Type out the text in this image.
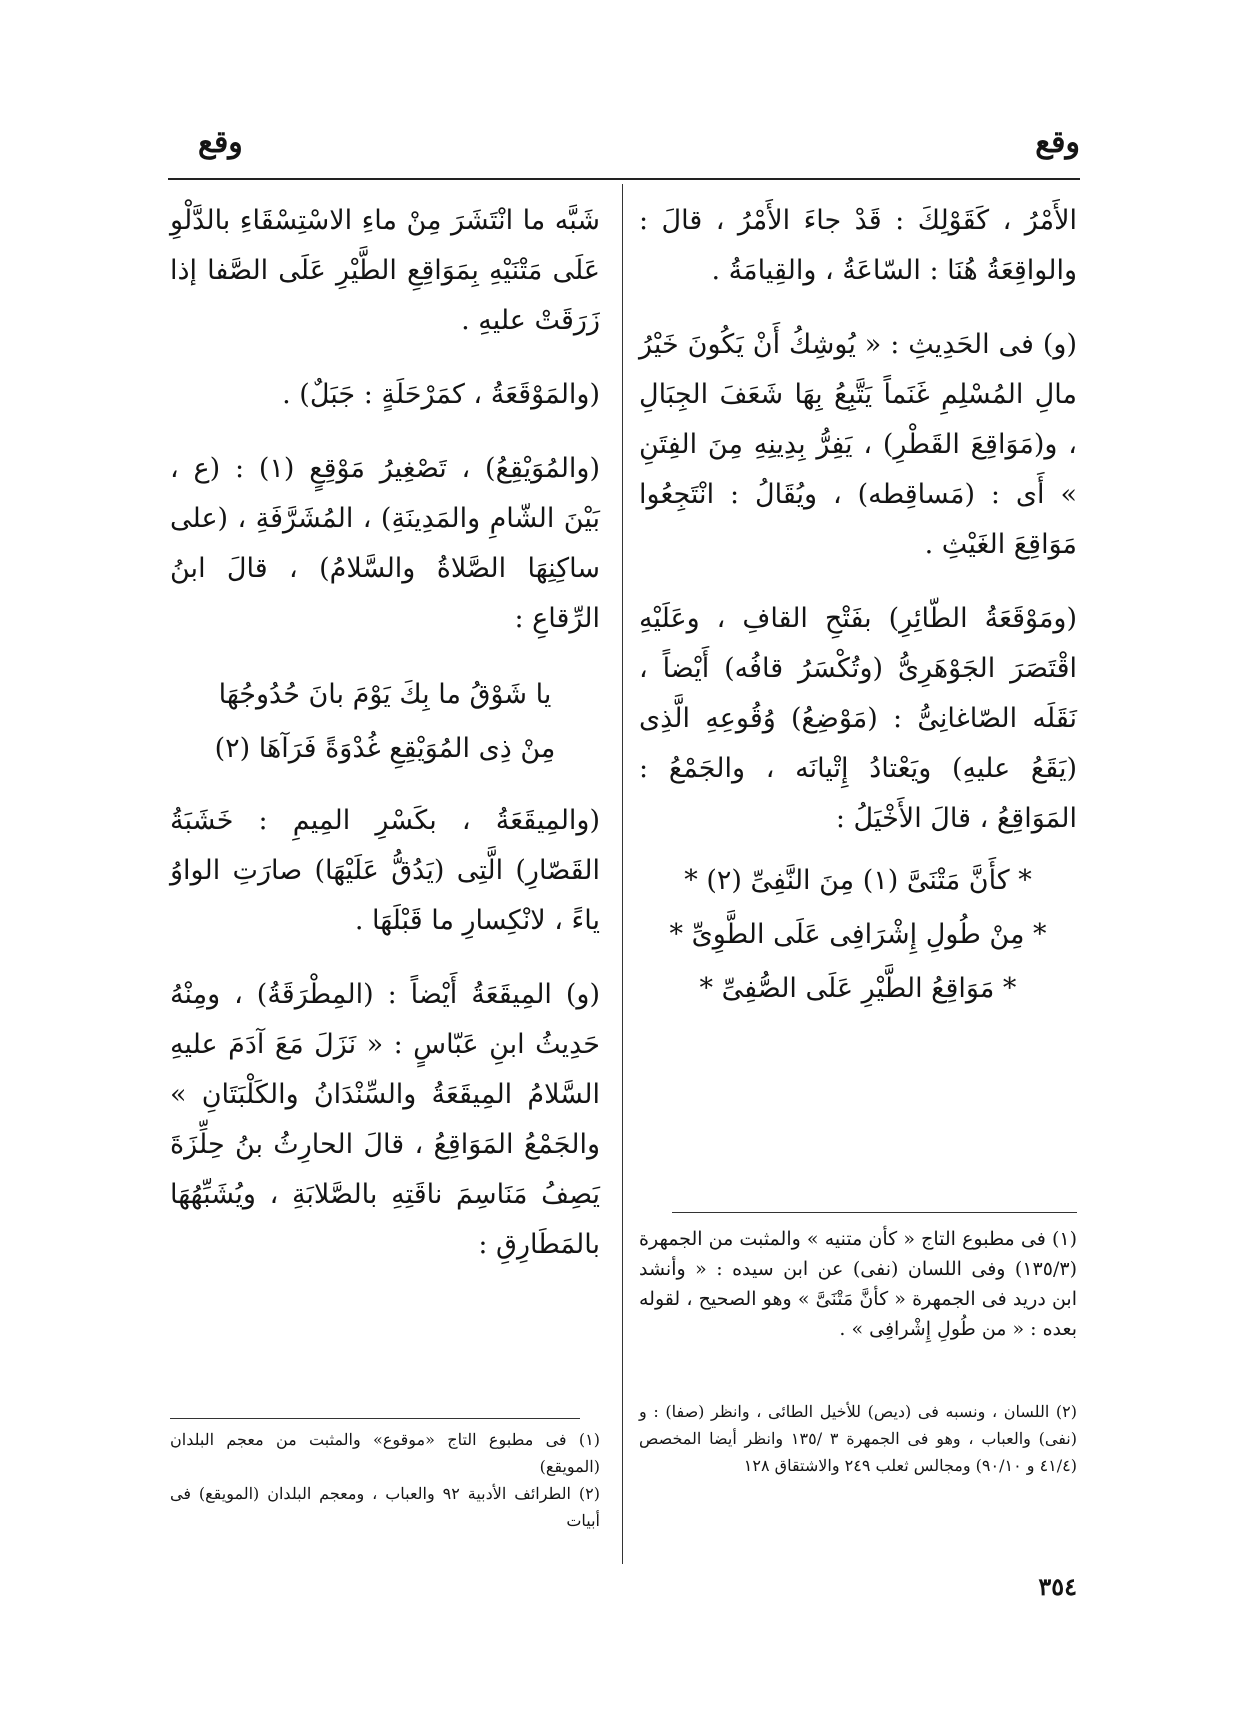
وقع
وقع

الأَمْرُ ، كَقَوْلِكَ : قَدْ جاءَ الأَمْرُ ، قالَ : والواقِعَةُ هُنَا : السّاعَةُ ، والقِيامَةُ .

(و) فى الحَدِيثِ : « يُوشِكُ أَنْ يَكُونَ خَيْرُ مالِ المُسْلِمِ غَنَماً يَتَّبِعُ بِهَا شَعَفَ الجِبَالِ ، و(مَوَاقِعَ القَطْرِ) ، يَفِرُّ بِدِينِهِ مِنَ الفِتَنِ » أَى : (مَساقِطه) ، ويُقَالُ : انْتَجِعُوا مَوَاقِعَ الغَيْثِ .

(ومَوْقَعَةُ الطّائِرِ) بفَتْحِ القافِ ، وعَلَيْهِ اقْتَصَرَ الجَوْهَرِىُّ (وتُكْسَرُ قافُه) أَيْضاً ، نَقَلَه الصّاغانِىُّ : (مَوْضِعُ) وُقُوعِهِ الَّذِى (يَقَعُ عليهِ) ويَعْتادُ إِتْيانَه ، والجَمْعُ : المَوَاقِعُ ، قالَ الأَخْيَلُ :

* كأَنَّ مَتْنَىَّ (١) مِنَ النَّفِىِّ (٢) *

* مِنْ طُولِ إِشْرَافِى عَلَى الطَّوِىِّ *

* مَوَاقِعُ الطَّيْرِ عَلَى الصُّفِىِّ *

(١) فى مطبوع التاج « كأن متنيه » والمثبت من الجمهرة (١٣٥/٣) وفى اللسان (نفى) عن ابن سيده : « وأنشد ابن دريد فى الجمهرة « كأنَّ مَتْنَىَّ » وهو الصحيح ، لقوله بعده : « من طُولِ إِشْرافِى » .

(٢) اللسان ، ونسبه فى (ديص) للأخيل الطائى ، وانظر (صفا) : و (نفى) والعباب ، وهو فى الجمهرة ٣ /١٣٥ وانظر أيضا المخصص (٤١/٤ و ٩٠/١٠) ومجالس ثعلب ٢٤٩ والاشتقاق ١٢٨

شَبَّه ما انْتَشَرَ مِنْ ماءِ الاسْتِسْقَاءِ بالدَّلْوِ عَلَى مَتْنَيْهِ بِمَوَاقِعِ الطَّيْرِ عَلَى الصَّفا إذا زَرَقَتْ عليهِ .

(والمَوْقَعَةُ ، كمَرْحَلَةٍ : جَبَلٌ) .

(والمُوَيْقِعُ) ، تَصْغِيرُ مَوْقِعٍ (١) : (ع ، بَيْنَ الشّامِ والمَدِينَةِ) ، المُشَرَّفَةِ ، (على ساكِنِهَا الصَّلاةُ والسَّلامُ) ، قالَ ابنُ الرِّقاعِ :

يا شَوْقُ ما بِكَ يَوْمَ بانَ حُدُوجُهَا

مِنْ ذِى المُوَيْقِعِ غُدْوَةً فَرَآهَا (٢)

(والمِيقَعَةُ ، بكَسْرِ المِيمِ : خَشَبَةُ القَصّارِ) الَّتِى (يَدُقُّ عَلَيْهَا) صارَتِ الواوُ ياءً ، لانْكِسارِ ما قَبْلَهَا .

(و) المِيقَعَةُ أَيْضاً : (المِطْرَقَةُ) ، ومِنْهُ حَدِيثُ ابنِ عَبّاسٍ : « نَزَلَ مَعَ آدَمَ عليهِ السَّلامُ المِيقَعَةُ والسِّنْدَانُ والكَلْبَتَانِ » والجَمْعُ المَوَاقِعُ ، قالَ الحارِثُ بنُ حِلِّزَةَ يَصِفُ مَنَاسِمَ ناقَتِهِ بالصَّلابَةِ ، ويُشَبِّهُهَا بالمَطَارِقِ :

(١) فى مطبوع التاج «موقوع» والمثبت من معجم البلدان (المويقع)

(٢) الطرائف الأدبية ٩٢ والعباب ، ومعجم البلدان (المويقع) فى أبيات

٣٥٤
